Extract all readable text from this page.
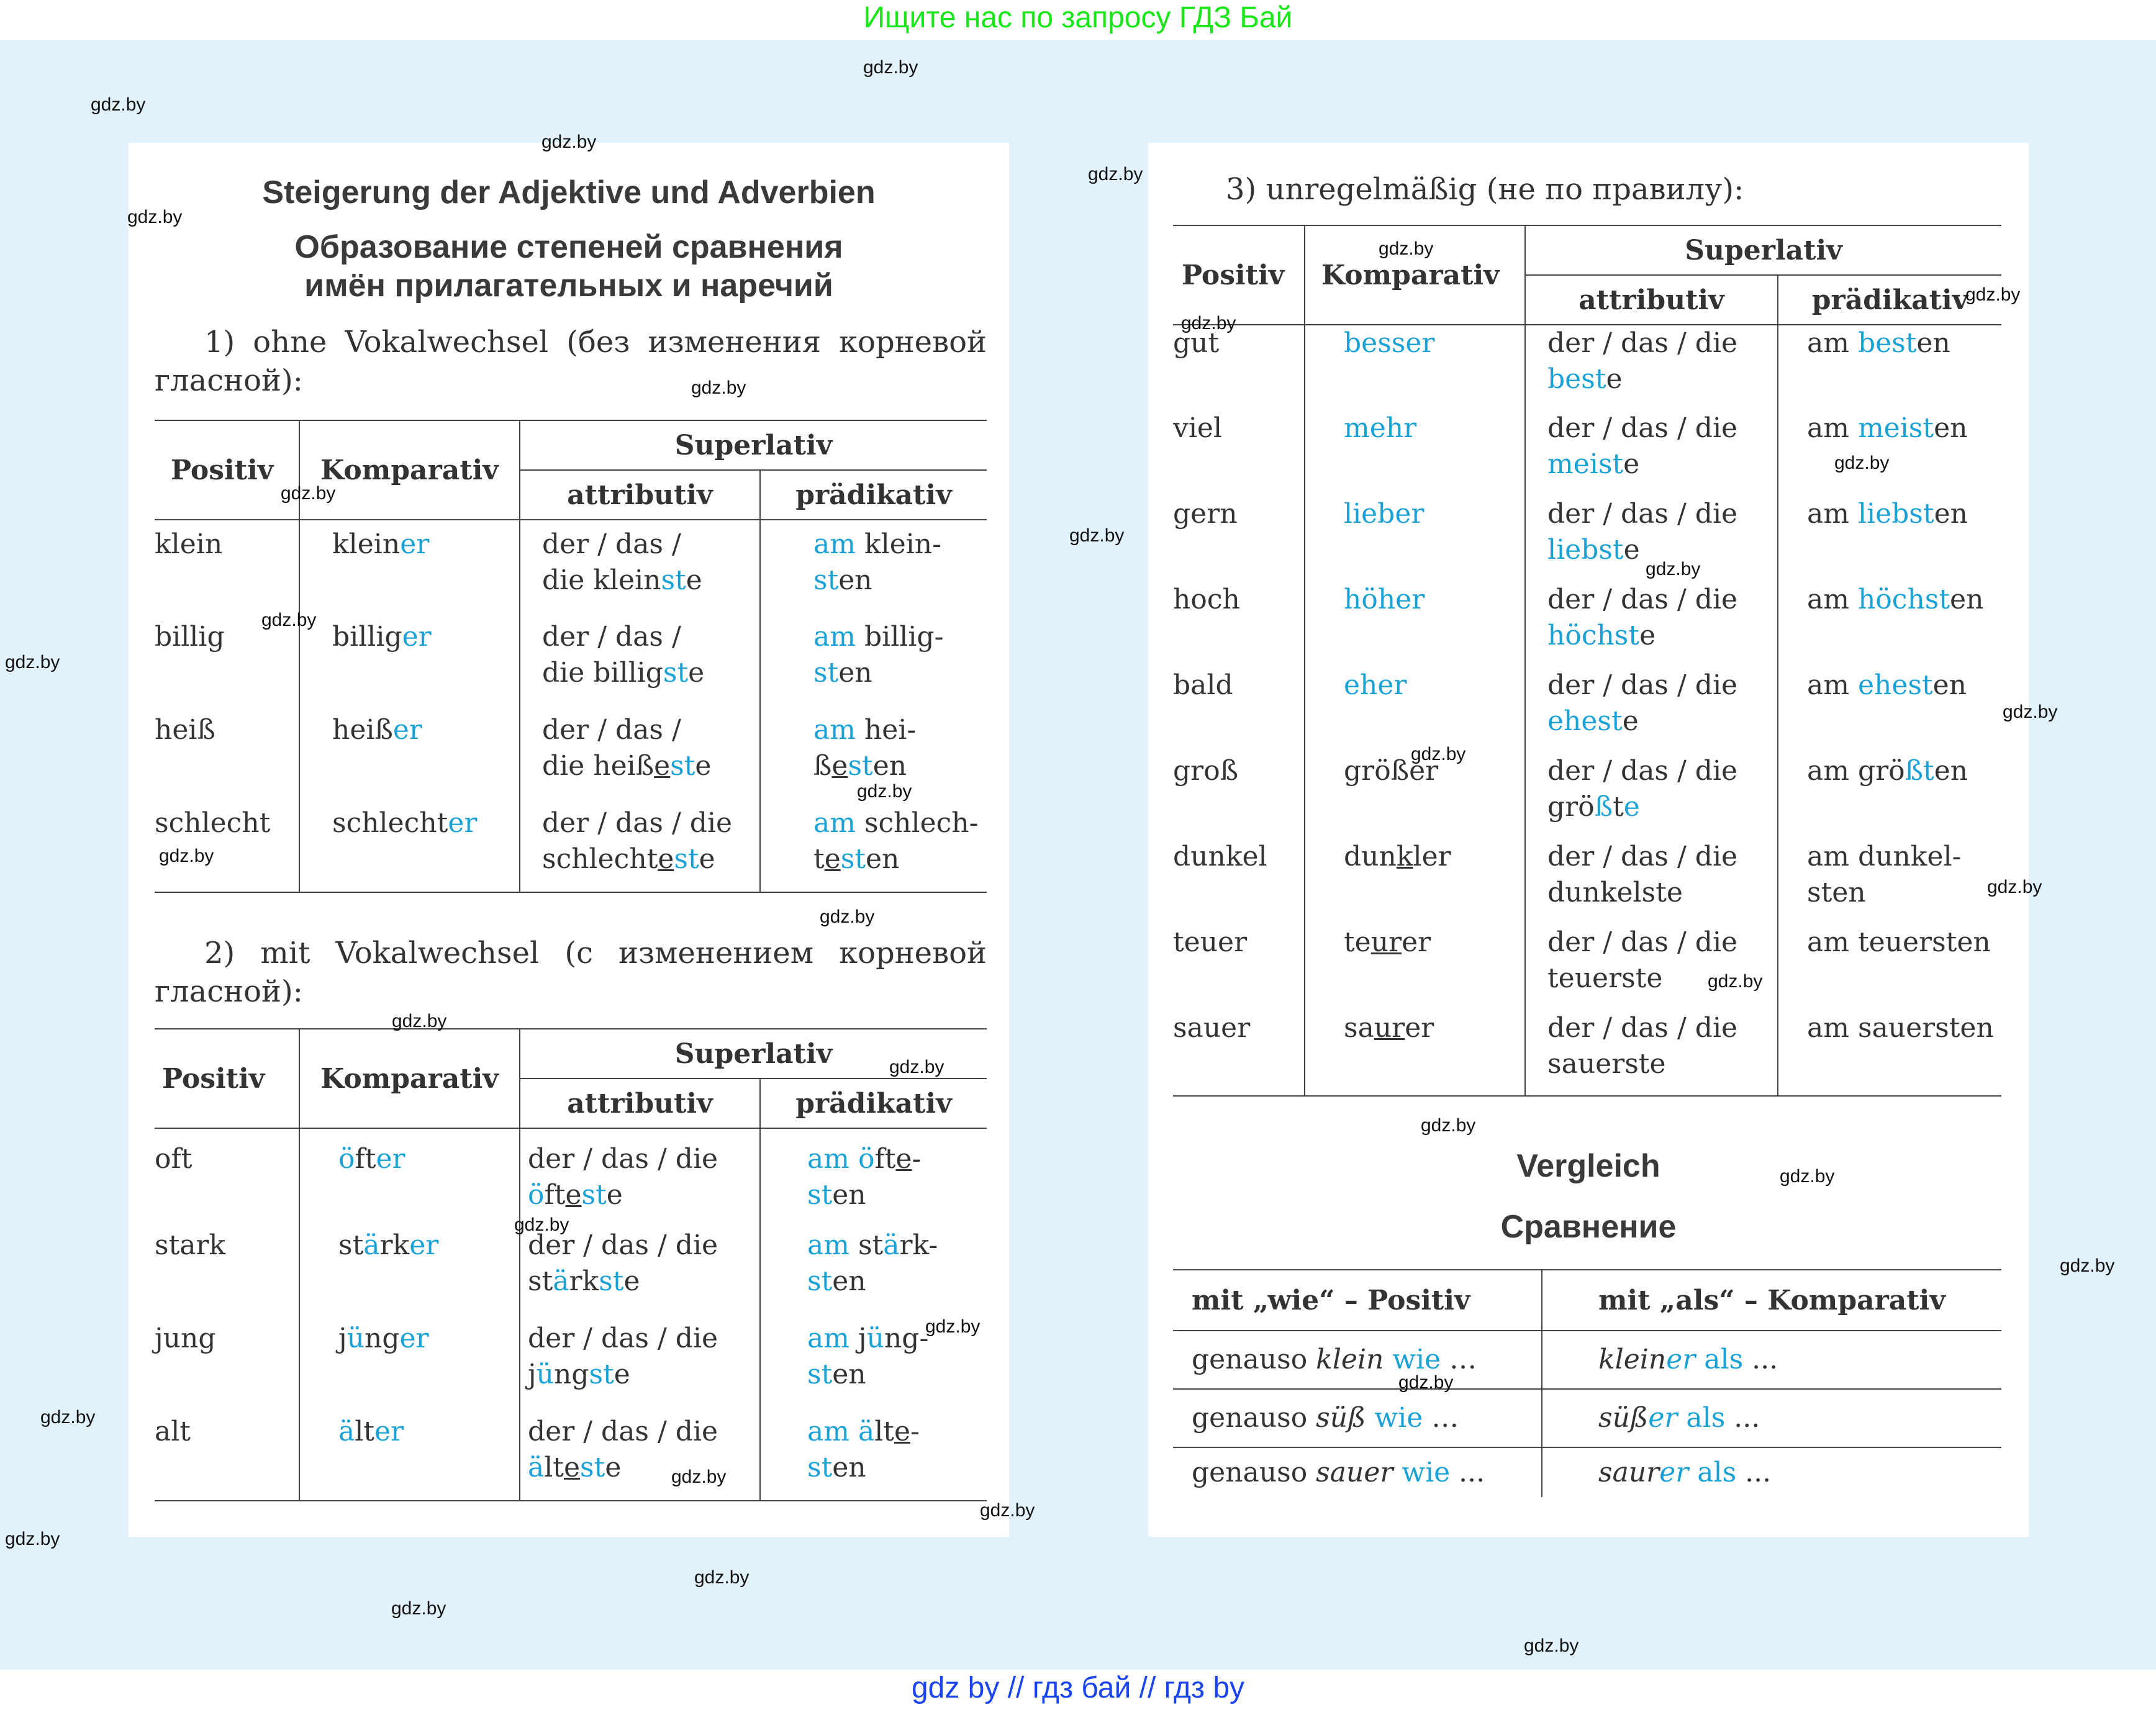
Ищите нас по запросу ГДЗ Бай
Steigerung der Adjektive und Adverbien
Образование степеней сравнения
имён прилагательных и наречий
1) ohne Vokalwechsel (без изменения корневой гласной):
Positiv	Komparativ	Superlativ	
		attributiv	prädikativ
klein	kleiner	der / das /
die kleinste	am klein-
sten
billig	billiger	der / das /
die billigste	am billig-
sten
heiß	heißer	der / das /
die heißeste	am hei-
ßesten
schlecht	schlechter	der / das / die
schlechteste	am schlech-
testen
2) mit Vokalwechsel (с изменением корневой гласной):
Positiv	Komparativ	Superlativ	
		attributiv	prädikativ
oft	öfter	der / das / die
öfteste	am öfte-
sten
stark	stärker	der / das / die
stärkste	am stärk-
sten
jung	jünger	der / das / die
jüngste	am jüng-
sten
alt	älter	der / das / die
älteste	am älte-
sten
3) unregelmäßig (не по правилу):
Positiv	Komparativ	Superlativ	
		attributiv	prädikativ
gut	besser	der / das / die
beste	am besten
viel	mehr	der / das / die
meiste	am meisten
gern	lieber	der / das / die
liebste	am liebsten
hoch	höher	der / das / die
höchste	am höchsten
bald	eher	der / das / die
eheste	am ehesten
groß	größer	der / das / die
größte	am größten
dunkel	dunkler	der / das / die
dunkelste	am dunkel-
sten
teuer	teurer	der / das / die
teuerste	am teuersten
sauer	saurer	der / das / die
sauerste	am sauersten
Vergleich
Сравнение
mit „wie“ – Positiv	mit „als“ – Komparativ
genauso klein wie …	kleiner als ...
genauso süß wie …	süßer als ...
genauso sauer wie ...	saurer als ...
gdz.by
gdz.by
gdz.by
gdz.by
gdz.by
gdz.by
gdz.by
gdz.by
gdz.by
gdz.by
gdz.by
gdz.by
gdz.by
gdz.by
gdz.by
gdz.by
gdz.by
gdz.by
gdz.by
gdz.by
gdz.by
gdz.by
gdz.by
gdz.by
gdz.by
gdz.by
gdz.by
gdz.by
gdz.by
gdz.by
gdz.by
gdz.by
gdz.by
gdz.by
gdz.by
gdz.by
gdz.by
gdz by // гдз бай // гдз by
